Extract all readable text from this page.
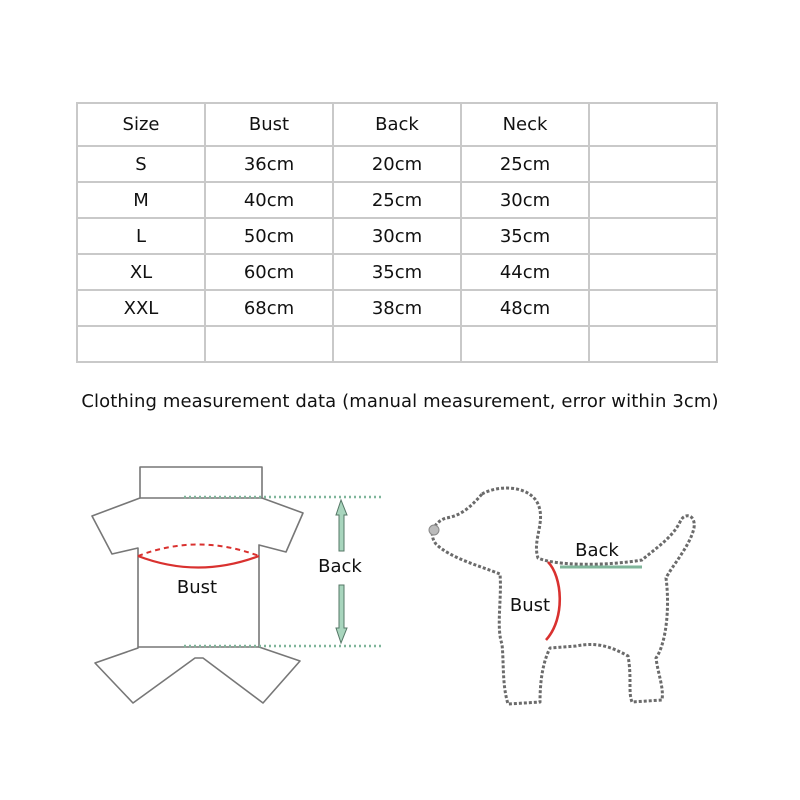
Size	Bust	Back	Neck	
S	36cm	20cm	25cm	
M	40cm	25cm	30cm	
L	50cm	30cm	35cm	
XL	60cm	35cm	44cm	
XXL	68cm	38cm	48cm	

Clothing measurement data (manual measurement, error within 3cm)
Bust
Back
Back
Bust
